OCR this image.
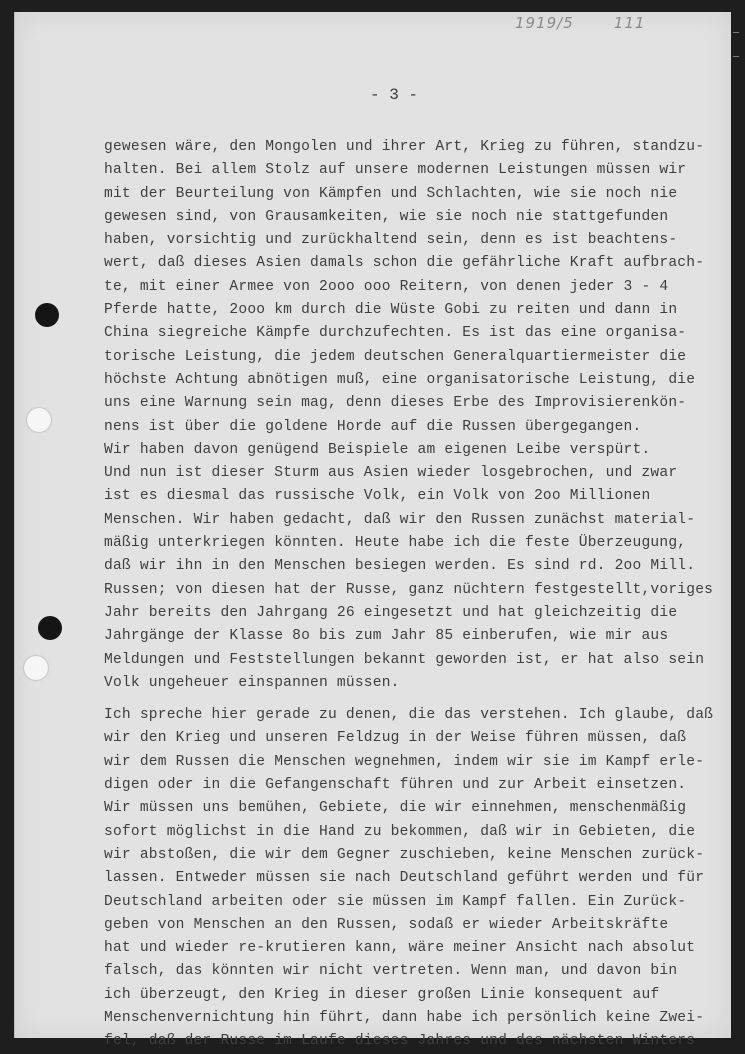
1919/5	111
- 3 -
gewesen wäre, den Mongolen und ihrer Art, Krieg zu führen, standzu-
halten. Bei allem Stolz auf unsere modernen Leistungen müssen wir
mit der Beurteilung von Kämpfen und Schlachten, wie sie noch nie
gewesen sind, von Grausamkeiten, wie sie noch nie stattgefunden
haben, vorsichtig und zurückhaltend sein, denn es ist beachtens-
wert, daß dieses Asien damals schon die gefährliche Kraft aufbrach-
te, mit einer Armee von 2ooo ooo Reitern, von denen jeder 3 - 4
Pferde hatte, 2ooo km durch die Wüste Gobi zu reiten und dann in
China siegreiche Kämpfe durchzufechten. Es ist das eine organisa-
torische Leistung, die jedem deutschen Generalquartiermeister die
höchste Achtung abnötigen muß, eine organisatorische Leistung, die
uns eine Warnung sein mag, denn dieses Erbe des Improvisierenkön-
nens ist über die goldene Horde auf die Russen übergegangen.
Wir haben davon genügend Beispiele am eigenen Leibe verspürt.
Und nun ist dieser Sturm aus Asien wieder losgebrochen, und zwar
ist es diesmal das russische Volk, ein Volk von 2oo Millionen
Menschen. Wir haben gedacht, daß wir den Russen zunächst material-
mäßig unterkriegen könnten. Heute habe ich die feste Überzeugung,
daß wir ihn in den Menschen besiegen werden. Es sind rd. 2oo Mill.
Russen; von diesen hat der Russe, ganz nüchtern festgestellt,voriges
Jahr bereits den Jahrgang 26 eingesetzt und hat gleichzeitig die
Jahrgänge der Klasse 8o bis zum Jahr 85 einberufen, wie mir aus
Meldungen und Feststellungen bekannt geworden ist, er hat also sein
Volk ungeheuer einspannen müssen.
Ich spreche hier gerade zu denen, die das verstehen. Ich glaube, daß
wir den Krieg und unseren Feldzug in der Weise führen müssen, daß
wir dem Russen die Menschen wegnehmen, indem wir sie im Kampf erle-
digen oder in die Gefangenschaft führen und zur Arbeit einsetzen.
Wir müssen uns bemühen, Gebiete, die wir einnehmen, menschenmäßig
sofort möglichst in die Hand zu bekommen, daß wir in Gebieten, die
wir abstoßen, die wir dem Gegner zuschieben, keine Menschen zurück-
lassen. Entweder müssen sie nach Deutschland geführt werden und für
Deutschland arbeiten oder sie müssen im Kampf fallen. Ein Zurück-
geben von Menschen an den Russen, sodaß er wieder Arbeitskräfte
hat und wieder re-krutieren kann, wäre meiner Ansicht nach absolut
falsch, das könnten wir nicht vertreten. Wenn man, und davon bin
ich überzeugt, den Krieg in dieser großen Linie konsequent auf
Menschenvernichtung hin führt, dann habe ich persönlich keine Zwei-
fel, daß der Russe im Laufe dieses Jahres und des nächsten Winters
